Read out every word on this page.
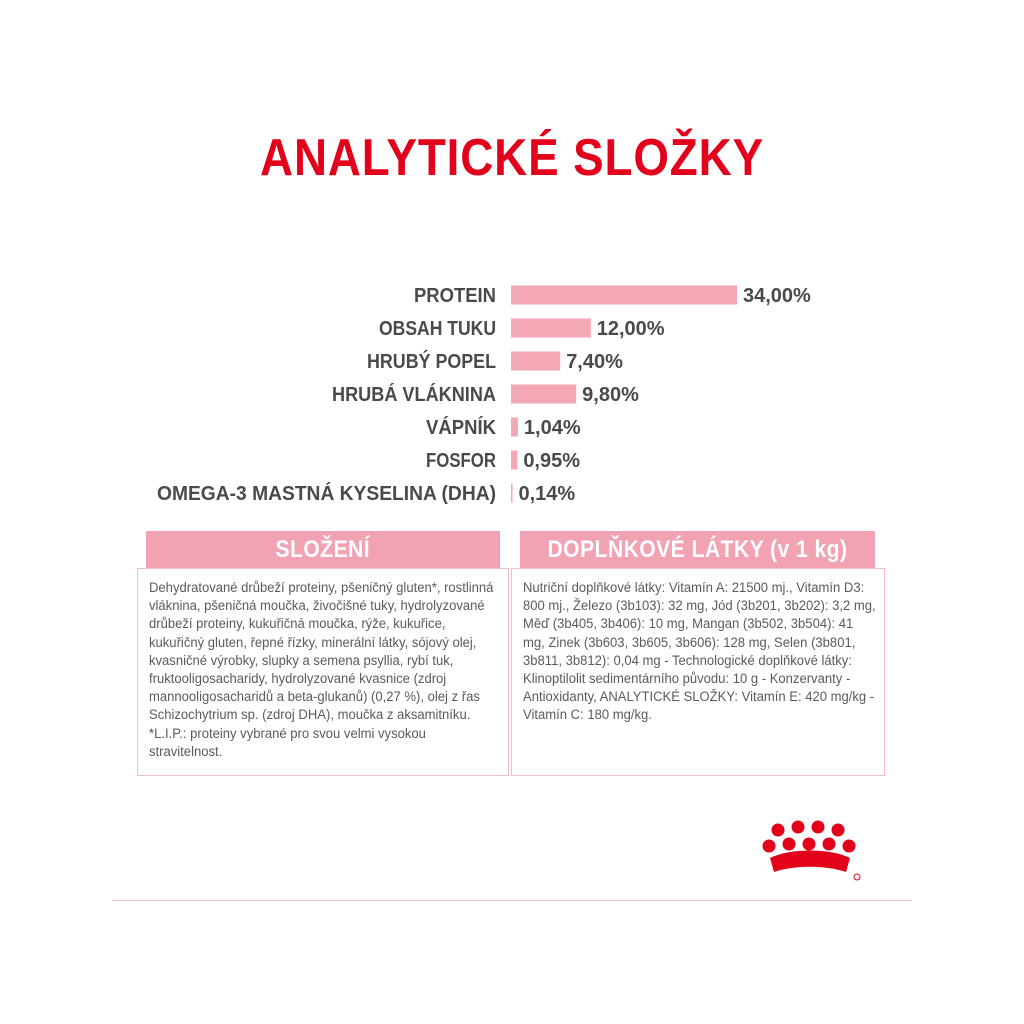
ANALYTICKÉ SLOŽKY
PROTEIN	34,00%
OBSAH TUKU	12,00%
HRUBÝ POPEL	7,40%
HRUBÁ VLÁKNINA	9,80%
VÁPNÍK 1,04%
FOSFOR 0,95%
OMEGA-3 MASTNÁ KYSELINA (DHA) 0,14%
SLOŽENÍ	DOPLŇKOVÉ LÁTKY (v 1 kg)

Dehydratované drůbeží proteiny, pšeničný gluten*, rostlinná vláknina, pšeničná moučka, živočišné tuky, hydrolyzované drůbeží proteiny, kukuřičná moučka, rýže, kukuřice, kukuřičný gluten, řepné řízky, minerální látky, sójový olej, kvasničné výrobky, slupky a semena psyllia, rybí tuk, fruktooligosacharidy, hydrolyzované kvasnice (zdroj mannooligosacharidů a beta-glukanů) (0,27 %), olej z řas Schizochytrium sp. (zdroj DHA), moučka z aksamitníku. *L.I.P.: proteiny vybrané pro svou velmi vysokou stravitelnost.

Nutriční doplňkové látky: Vitamín A: 21500 mj., Vitamín D3: 800 mj., Železo (3b103): 32 mg, Jód (3b201, 3b202): 3,2 mg, Měď (3b405, 3b406): 10 mg, Mangan (3b502, 3b504): 41 mg, Zinek (3b603, 3b605, 3b606): 128 mg, Selen (3b801, 3b811, 3b812): 0,04 mg - Technologické doplňkové látky: Klinoptilolit sedimentárního původu: 10 g - Konzervanty - Antioxidanty, ANALYTICKÉ SLOŽKY: Vitamín E: 420 mg/kg - Vitamín C: 180 mg/kg.
